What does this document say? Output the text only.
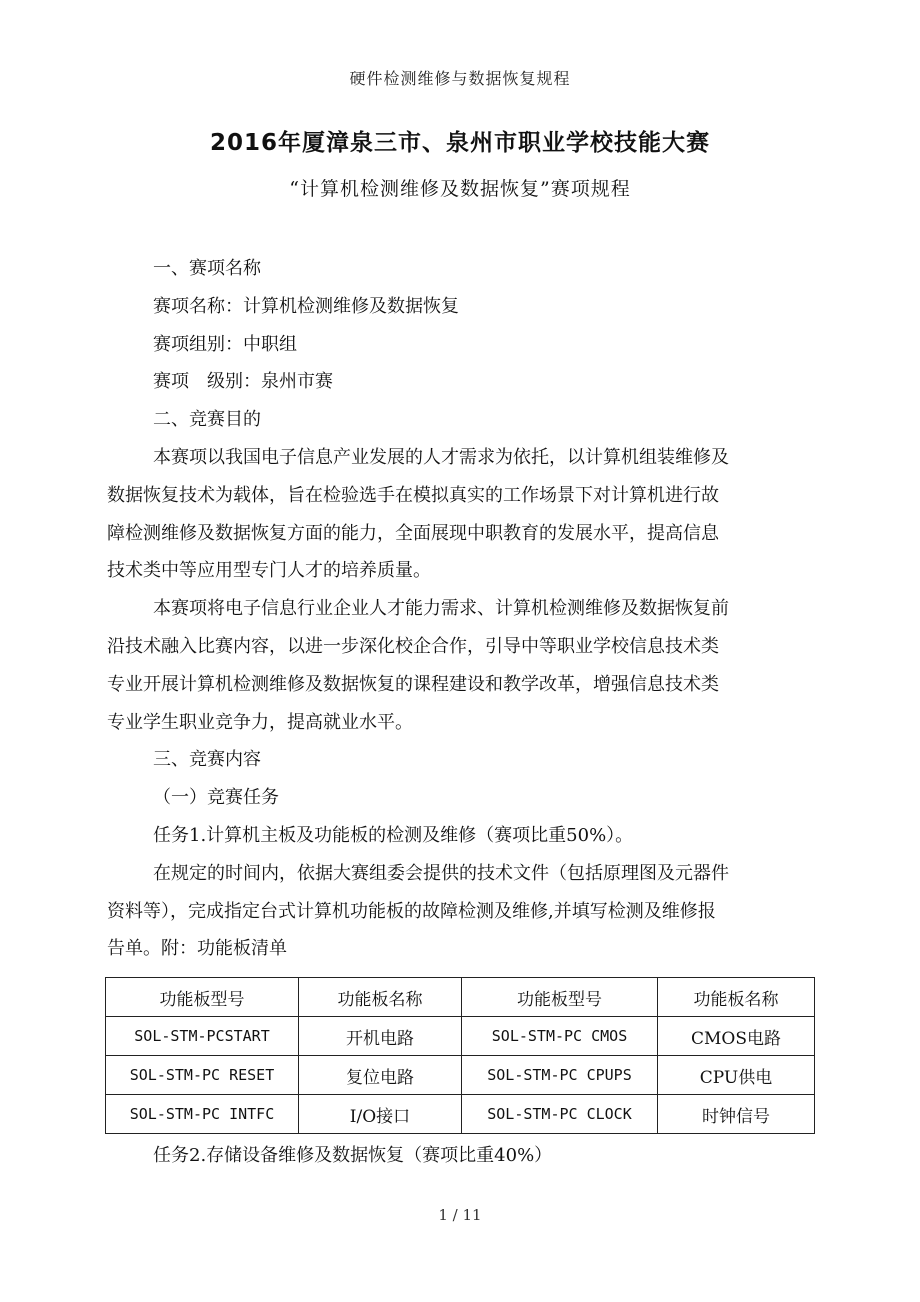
硬件检测维修与数据恢复规程
2016年厦漳泉三市、泉州市职业学校技能大赛
“计算机检测维修及数据恢复”赛项规程

一、赛项名称

赛项名称：计算机检测维修及数据恢复

赛项组别：中职组

赛项　级别：泉州市赛

二、竞赛目的

本赛项以我国电子信息产业发展的人才需求为依托，以计算机组装维修及

数据恢复技术为载体，旨在检验选手在模拟真实的工作场景下对计算机进行故

障检测维修及数据恢复方面的能力，全面展现中职教育的发展水平，提高信息

技术类中等应用型专门人才的培养质量。

本赛项将电子信息行业企业人才能力需求、计算机检测维修及数据恢复前

沿技术融入比赛内容，以进一步深化校企合作，引导中等职业学校信息技术类

专业开展计算机检测维修及数据恢复的课程建设和教学改革，增强信息技术类

专业学生职业竞争力，提高就业水平。

三、竞赛内容

（一）竞赛任务

任务1.计算机主板及功能板的检测及维修（赛项比重50%）。

在规定的时间内，依据大赛组委会提供的技术文件（包括原理图及元器件

资料等），完成指定台式计算机功能板的故障检测及维修,并填写检测及维修报

告单。附：功能板清单

功能板型号	功能板名称	功能板型号	功能板名称
SOL-STM-PCSTART	开机电路	SOL-STM-PC CMOS	CMOS电路
SOL-STM-PC RESET	复位电路	SOL-STM-PC CPUPS	CPU供电
SOL-STM-PC INTFC	I/O接口	SOL-STM-PC CLOCK	时钟信号
任务2.存储设备维修及数据恢复（赛项比重40%）
1 / 11
